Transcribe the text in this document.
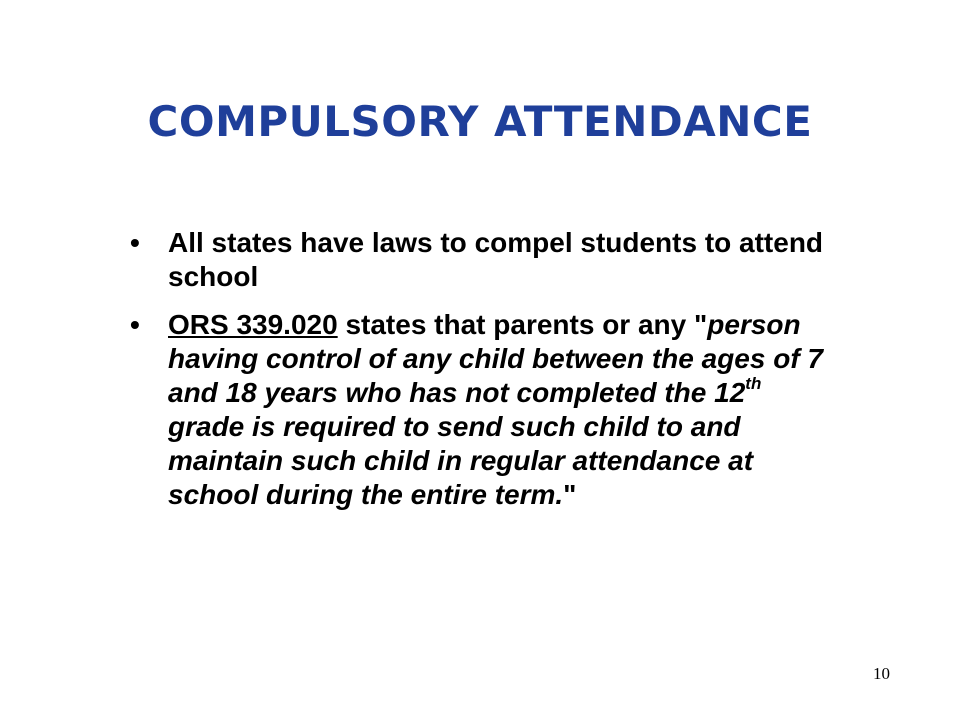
COMPULSORY ATTENDANCE
• All states have laws to compel students to attend school
• ORS 339.020 states that parents or any "person having control of any child between the ages of 7 and 18 years who has not completed the 12th grade is required to send such child to and maintain such child in regular attendance at school during the entire term."
10
